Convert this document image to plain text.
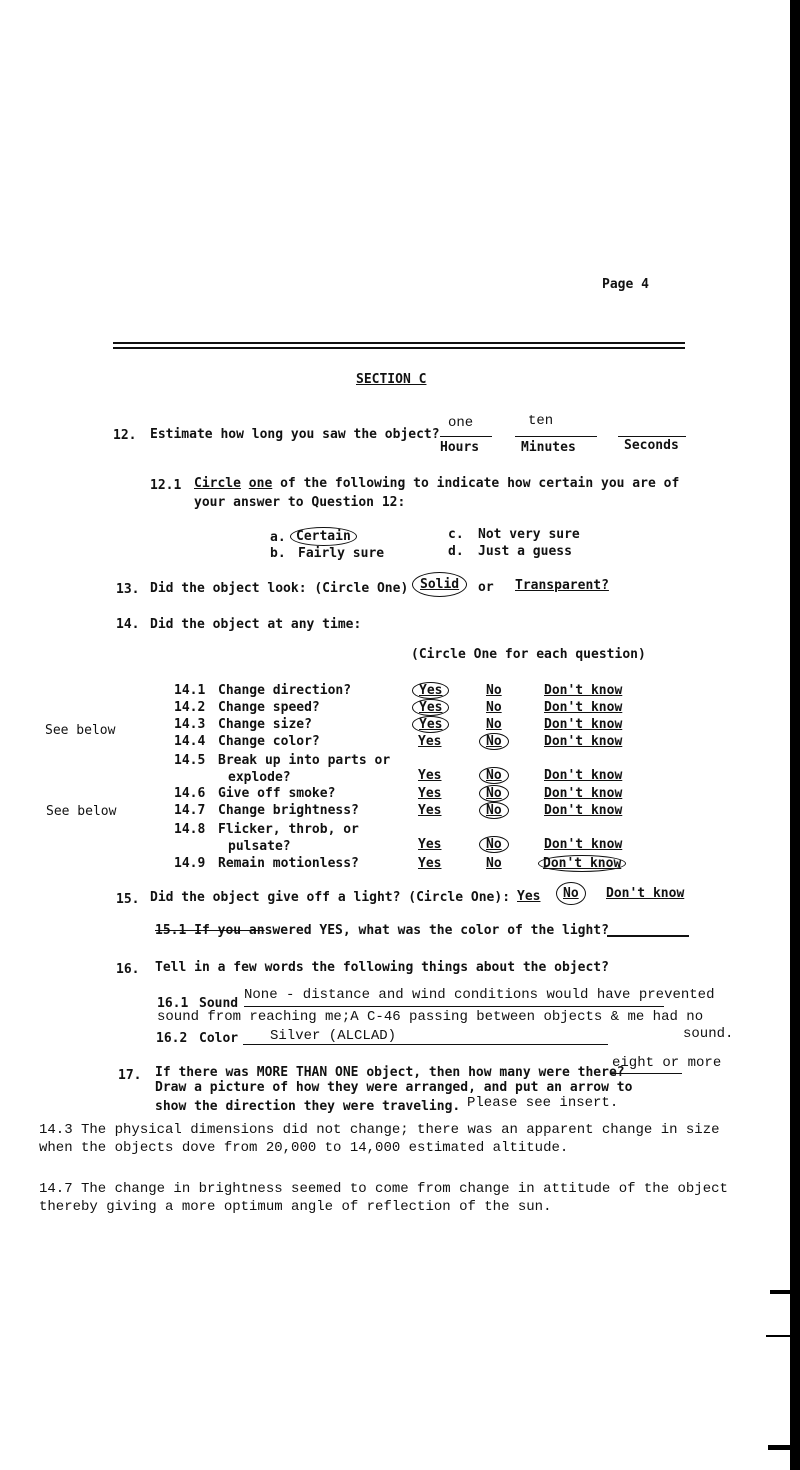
Page 4
SECTION C
12. Estimate how long you saw the object?
one	ten
Hours	Minutes	Seconds
12.1 Circle one of the following to indicate how certain you are of
your answer to Question 12:
a. Certain
b. Fairly sure
c. Not very sure
d. Just a guess
13. Did the object look: (Circle One) Solid	or Transparent?
14. Did the object at any time:
(Circle One for each question)
See below
See below
14.1 Change direction?	Yes	No	Don't know
14.2 Change speed?	Yes	No	Don't know
14.3 Change size?	Yes	No	Don't know
14.4 Change color?	Yes	No	Don't know
14.5 Break up into parts or
explode?	Yes	No	Don't know
14.6 Give off smoke?	Yes	No	Don't know
14.7 Change brightness?	Yes	No	Don't know
14.8 Flicker, throb, or
pulsate?	Yes	No	Don't know
14.9 Remain motionless?	Yes	No	Don't know
15. Did the object give off a light? (Circle One): Yes No	Don't know
15.1 If you answered YES, what was the color of the light?
16. Tell in a few words the following things about the object?
16.1 Sound
None - distance and wind conditions would have prevented
sound from reaching me;A C-46 passing between objects & me had no
16.2 Color Silver (ALCLAD)	sound.
17. If there was MORE THAN ONE object, then how many were there?
eight or more
Draw a picture of how they were arranged, and put an arrow to
show the direction they were traveling. Please see insert.
14.3 The physical dimensions did not change; there was an apparent change in size
when the objects dove from 20,000 to 14,000 estimated altitude.
14.7 The change in brightness seemed to come from change in attitude of the object
thereby giving a more optimum angle of reflection of the sun.
